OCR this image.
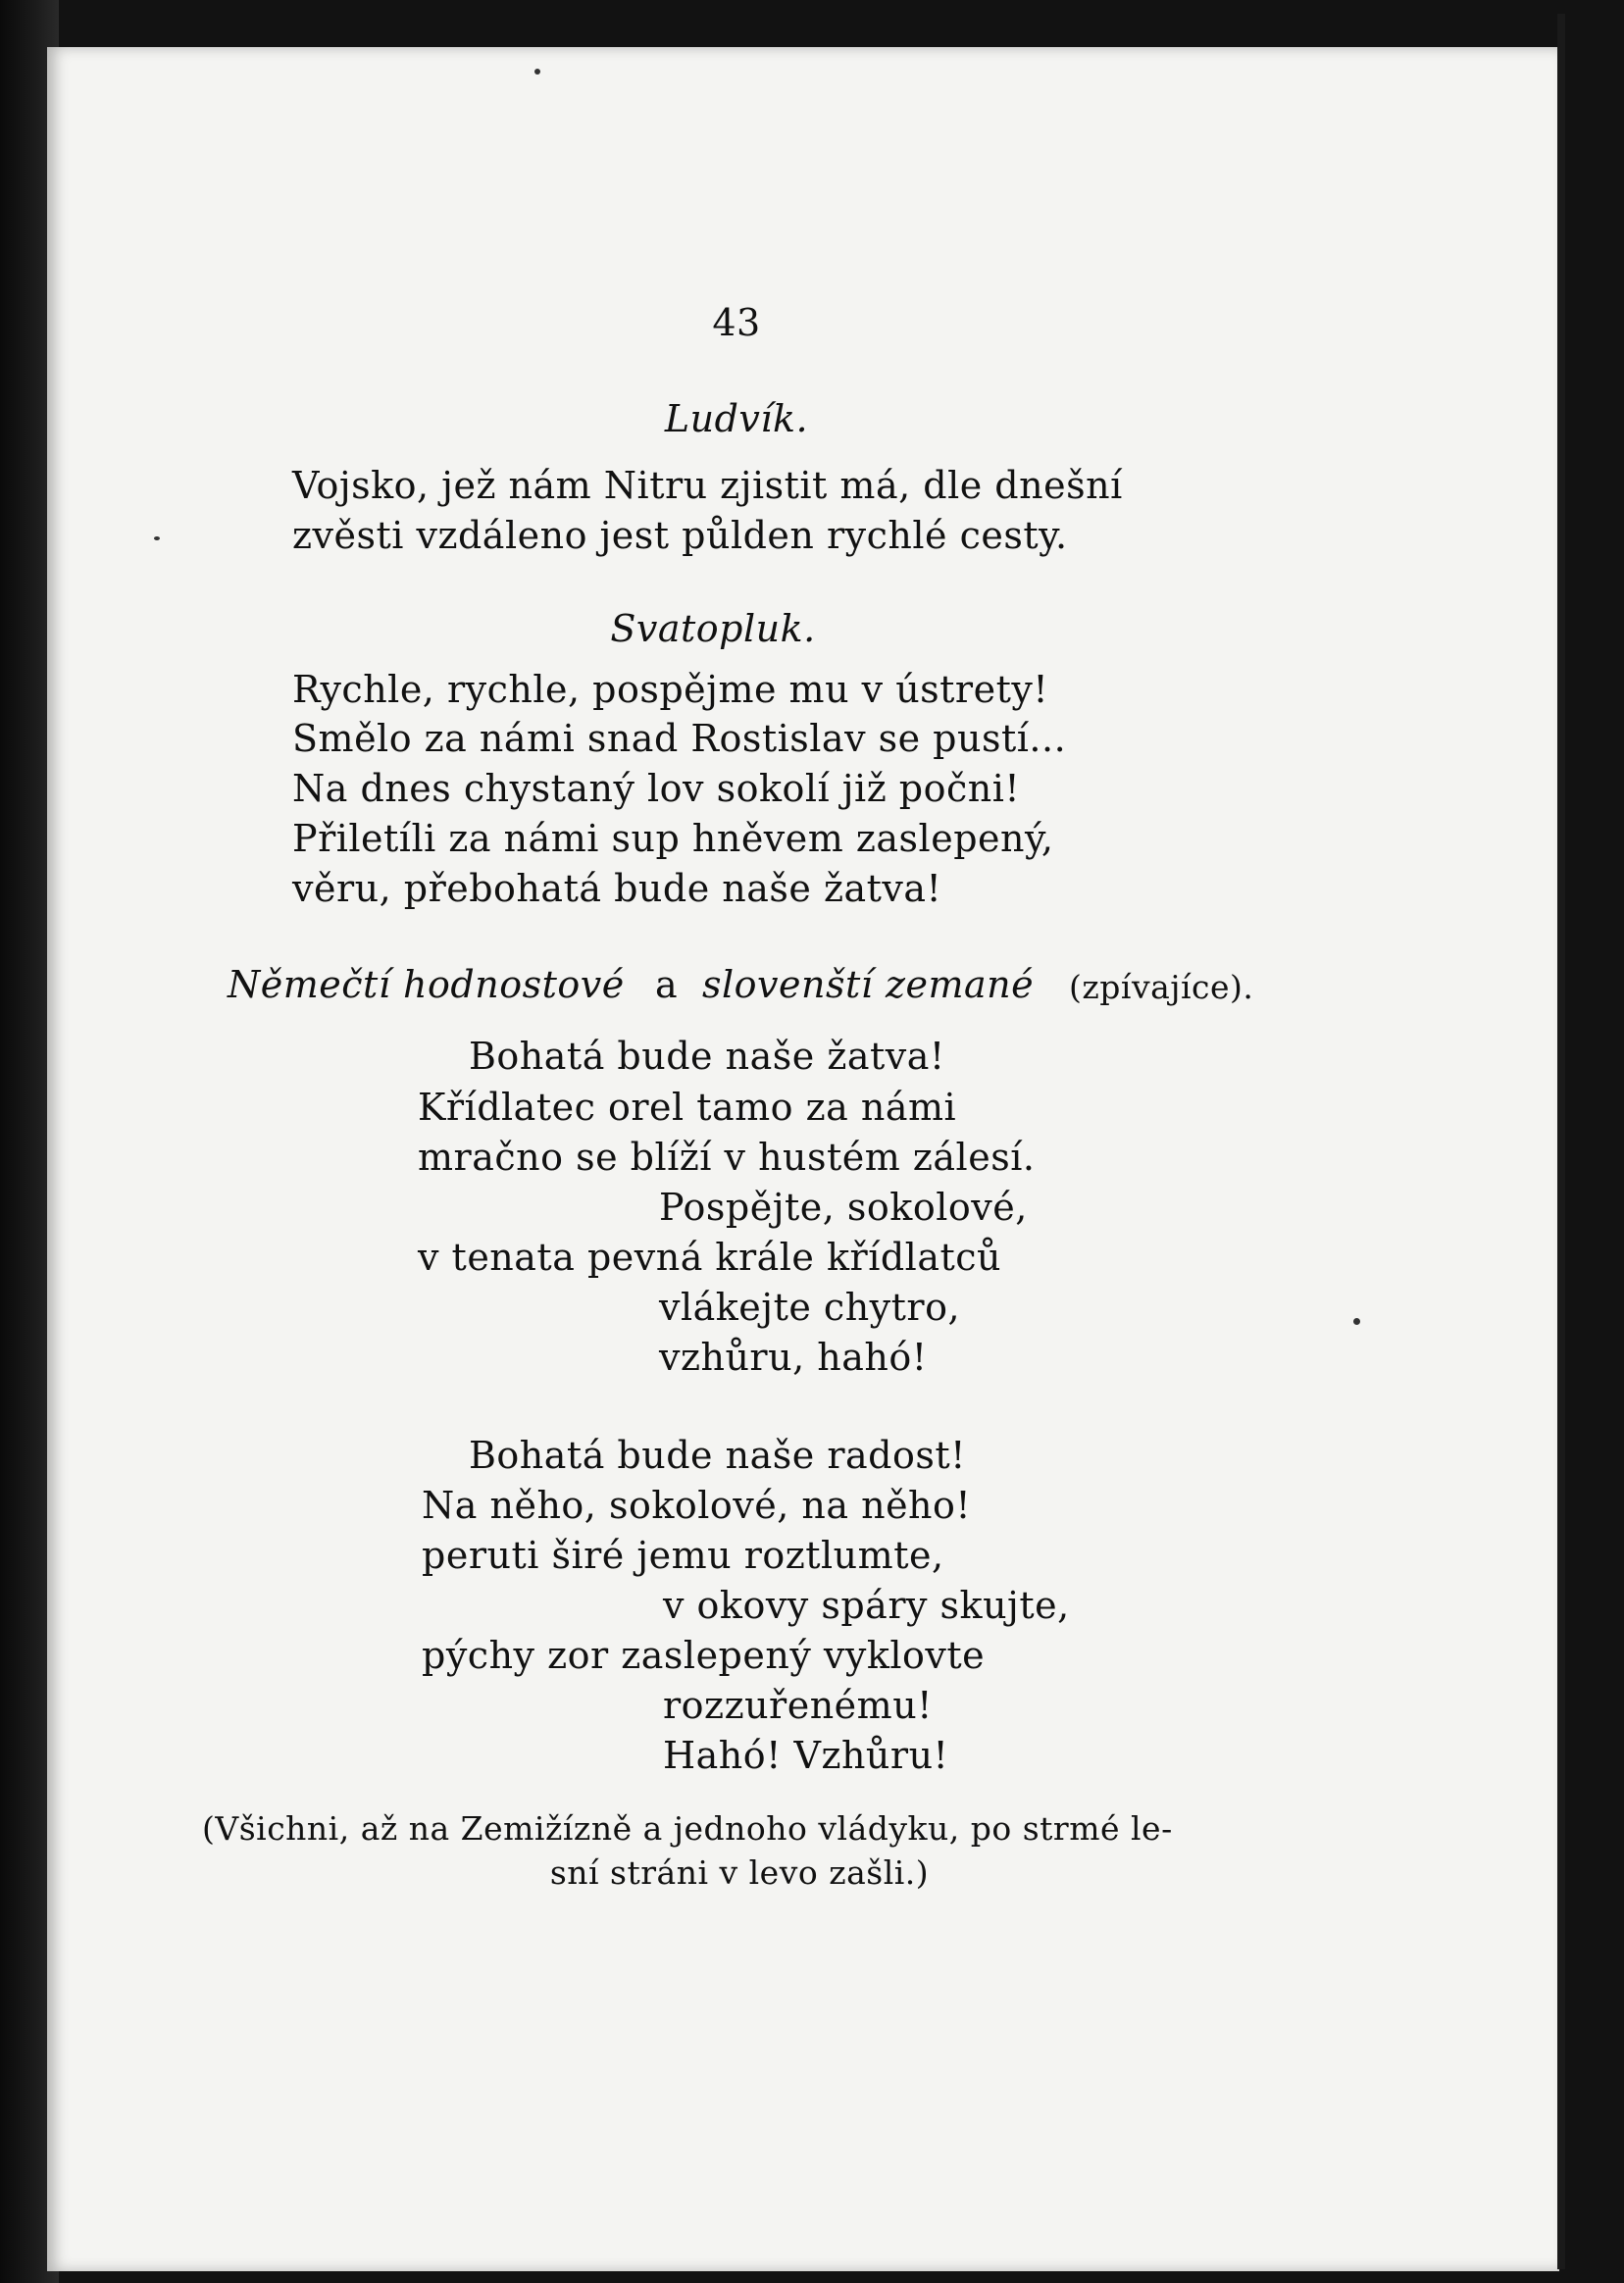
43
Ludvík.
Vojsko, jež nám Nitru zjistit má, dle dnešní
zvěsti vzdáleno jest půlden rychlé cesty.
Svatopluk.
Rychle, rychle, pospějme mu v ústrety!
Smělo za námi snad Rostislav se pustí...
Na dnes chystaný lov sokolí již počni!
Přiletíli za námi sup hněvem zaslepený,
věru, přebohatá bude naše žatva!
Němečtí hodnostové a slovenští zemané (zpívajíce).
Bohatá bude naše žatva!
Křídlatec orel tamo za námi
mračno se blíží v hustém zálesí.
Pospějte, sokolové,
v tenata pevná krále křídlatců
vlákejte chytro,
vzhůru, hahó!
Bohatá bude naše radost!
Na něho, sokolové, na něho!
peruti širé jemu roztlumte,
v okovy spáry skujte,
pýchy zor zaslepený vyklovte
rozzuřenému!
Hahó! Vzhůru!
(Všichni, až na Zemižízně a jednoho vládyku, po strmé le-
sní stráni v levo zašli.)
